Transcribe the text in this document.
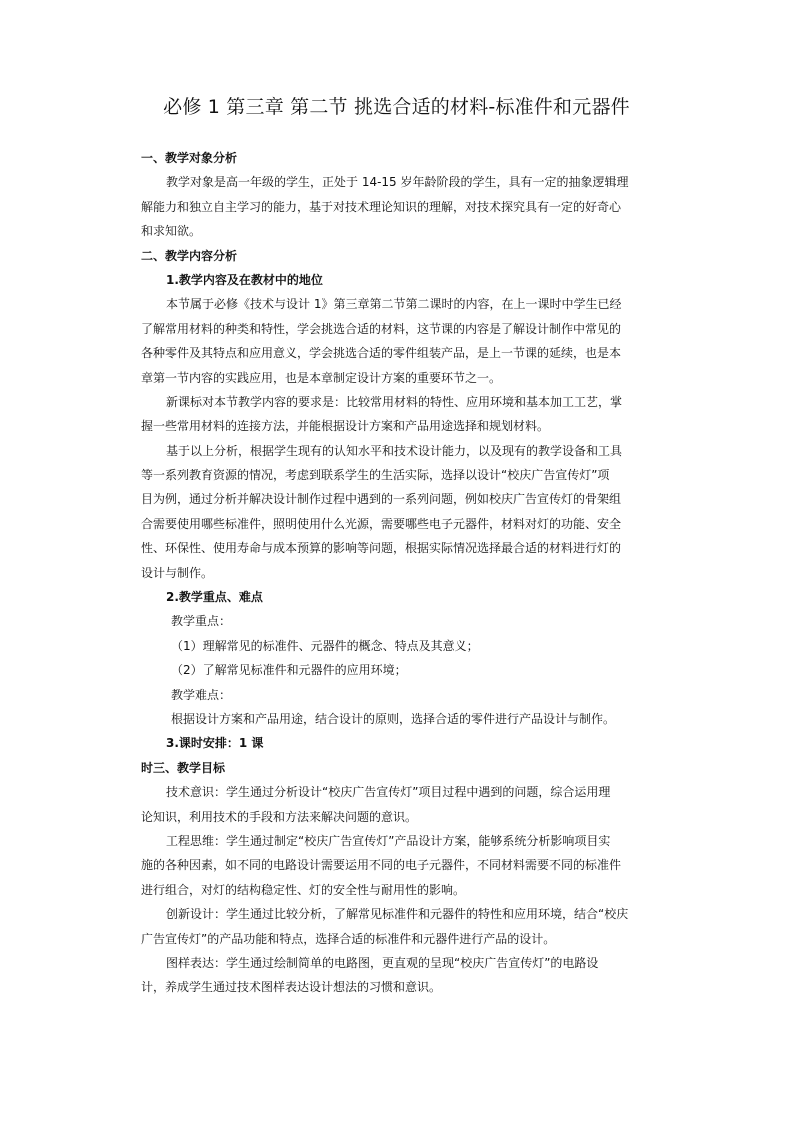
必修 1 第三章 第二节 挑选合适的材料-标准件和元器件
一、教学对象分析
教学对象是高一年级的学生，正处于 14-15 岁年龄阶段的学生，具有一定的抽象逻辑理
解能力和独立自主学习的能力，基于对技术理论知识的理解，对技术探究具有一定的好奇心
和求知欲。
二、教学内容分析
1.教学内容及在教材中的地位
本节属于必修《技术与设计 1》第三章第二节第二课时的内容，在上一课时中学生已经
了解常用材料的种类和特性，学会挑选合适的材料，这节课的内容是了解设计制作中常见的
各种零件及其特点和应用意义，学会挑选合适的零件组装产品，是上一节课的延续，也是本
章第一节内容的实践应用，也是本章制定设计方案的重要环节之一。
新课标对本节教学内容的要求是：比较常用材料的特性、应用环境和基本加工工艺，掌
握一些常用材料的连接方法，并能根据设计方案和产品用途选择和规划材料。
基于以上分析，根据学生现有的认知水平和技术设计能力，以及现有的教学设备和工具
等一系列教育资源的情况，考虑到联系学生的生活实际，选择以设计“校庆广告宣传灯”项
目为例，通过分析并解决设计制作过程中遇到的一系列问题，例如校庆广告宣传灯的骨架组
合需要使用哪些标准件，照明使用什么光源，需要哪些电子元器件，材料对灯的功能、安全
性、环保性、使用寿命与成本预算的影响等问题，根据实际情况选择最合适的材料进行灯的
设计与制作。
2.教学重点、难点
教学重点：
（1）理解常见的标准件、元器件的概念、特点及其意义；
（2）了解常见标准件和元器件的应用环境；
教学难点：
根据设计方案和产品用途，结合设计的原则，选择合适的零件进行产品设计与制作。
3.课时安排：1 课
时三、教学目标
技术意识：学生通过分析设计“校庆广告宣传灯”项目过程中遇到的问题，综合运用理
论知识，利用技术的手段和方法来解决问题的意识。
工程思维：学生通过制定“校庆广告宣传灯”产品设计方案，能够系统分析影响项目实
施的各种因素，如不同的电路设计需要运用不同的电子元器件，不同材料需要不同的标准件
进行组合，对灯的结构稳定性、灯的安全性与耐用性的影响。
创新设计：学生通过比较分析，了解常见标准件和元器件的特性和应用环境，结合“校庆
广告宣传灯”的产品功能和特点，选择合适的标准件和元器件进行产品的设计。
图样表达：学生通过绘制简单的电路图，更直观的呈现“校庆广告宣传灯”的电路设
计，养成学生通过技术图样表达设计想法的习惯和意识。
